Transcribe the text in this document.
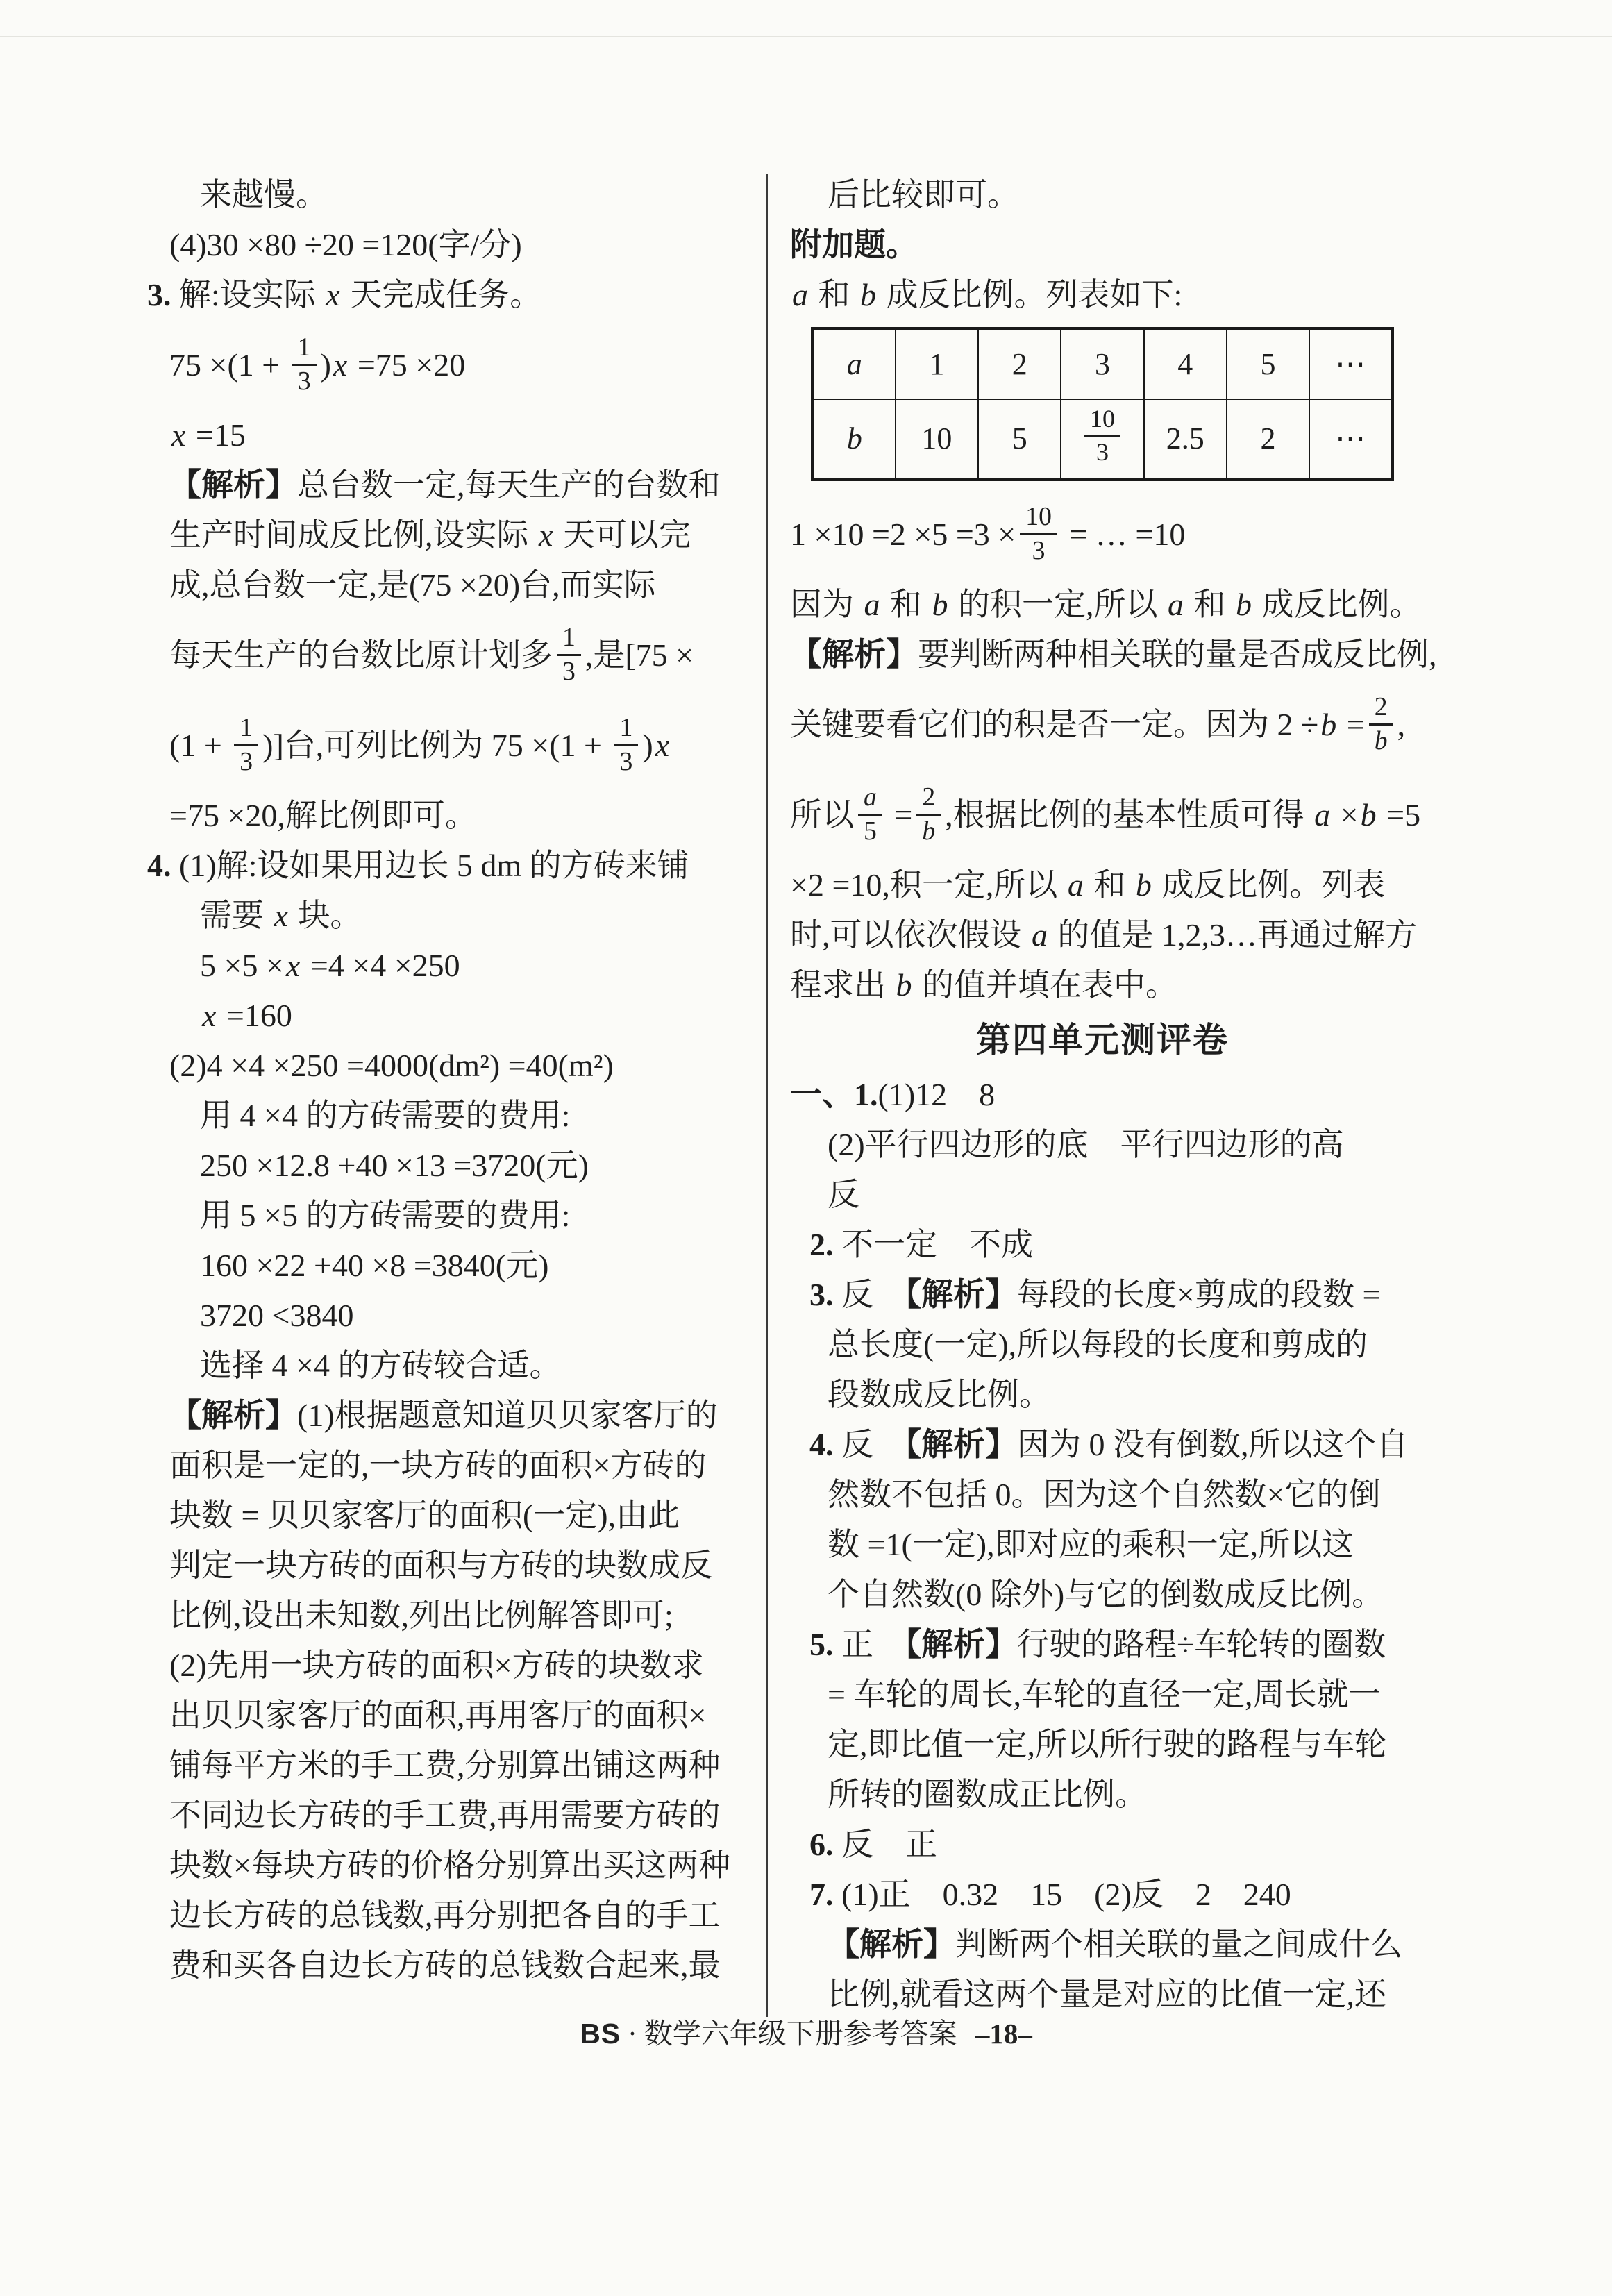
来越慢。
(4)30 ×80 ÷20 =120(字/分)
3. 解:设实际 x 天完成任务。
$75 \times(1 + \frac{1}{3} )x =75 \times 20$
x =15
【解析】总台数一定,每天生产的台数和
生产时间成反比例,设实际 x 天可以完
成,总台数一定,是(75 ×20)台,而实际
每天生产的台数比原计划多 $\frac{1}{3}$ ,是[75 ×
($1 + \frac{1}{3}$ )]台,可列比例为 $75 \times(1 + \frac{1}{3} )x$
=75 ×20,解比例即可。
4. (1)解:设如果用边长 5 dm 的方砖来铺
需要 x 块。
5 ×5 ×x =4 ×4 ×250
x =160
(2)4 ×4 ×250 =4000(dm²) =40(m²)
用 4 ×4 的方砖需要的费用:
250 ×12.8 +40 ×13 =3720(元)
用 5 ×5 的方砖需要的费用:
160 ×22 +40 ×8 =3840(元)
3720 <3840
选择 4 ×4 的方砖较合适。
【解析】(1)根据题意知道贝贝家客厅的
面积是一定的,一块方砖的面积×方砖的
块数 = 贝贝家客厅的面积(一定),由此
判定一块方砖的面积与方砖的块数成反
比例,设出未知数,列出比例解答即可;
(2)先用一块方砖的面积×方砖的块数求
出贝贝家客厅的面积,再用客厅的面积×
铺每平方米的手工费,分别算出铺这两种
不同边长方砖的手工费,再用需要方砖的
块数×每块方砖的价格分别算出买这两种
边长方砖的总钱数,再分别把各自的手工
费和买各自边长方砖的总钱数合起来,最
后比较即可。
附加题。
a 和 b 成反比例。列表如下:
a	1	2	3	4	5	⋯
b	10	5	$\frac{10}{3}$	2.5	2	⋯
$1 \times 10 =2 \times 5 =3 \times \frac{10}{3}$ = … =10
因为 a 和 b 的积一定,所以 a 和 b 成反比例。
【解析】要判断两种相关联的量是否成反比例,
关键要看它们的积是否一定。因为 $2 \div b = \frac{2}{b}$ ,
所以 $\frac{a}{5} = \frac{2}{b}$ ,根据比例的基本性质可得 a ×b =5
×2 =10,积一定,所以 a 和 b 成反比例。列表
时,可以依次假设 a 的值是 1,2,3…再通过解方
程求出 b 的值并填在表中。
第四单元测评卷
一、1.(1)12　8
(2)平行四边形的底　平行四边形的高
反
2. 不一定　不成
3. 反　【解析】每段的长度×剪成的段数 =
总长度(一定),所以每段的长度和剪成的
段数成反比例。
4. 反　【解析】因为 0 没有倒数,所以这个自
然数不包括 0。因为这个自然数×它的倒
数 =1(一定),即对应的乘积一定,所以这
个自然数(0 除外)与它的倒数成反比例。
5. 正　【解析】行驶的路程÷车轮转的圈数
= 车轮的周长,车轮的直径一定,周长就一
定,即比值一定,所以所行驶的路程与车轮
所转的圈数成正比例。
6. 反　正
7. (1)正　0.32　15　(2)反　2　240
【解析】判断两个相关联的量之间成什么
比例,就看这两个量是对应的比值一定,还
BS · 数学六年级下册参考答案 –18–
